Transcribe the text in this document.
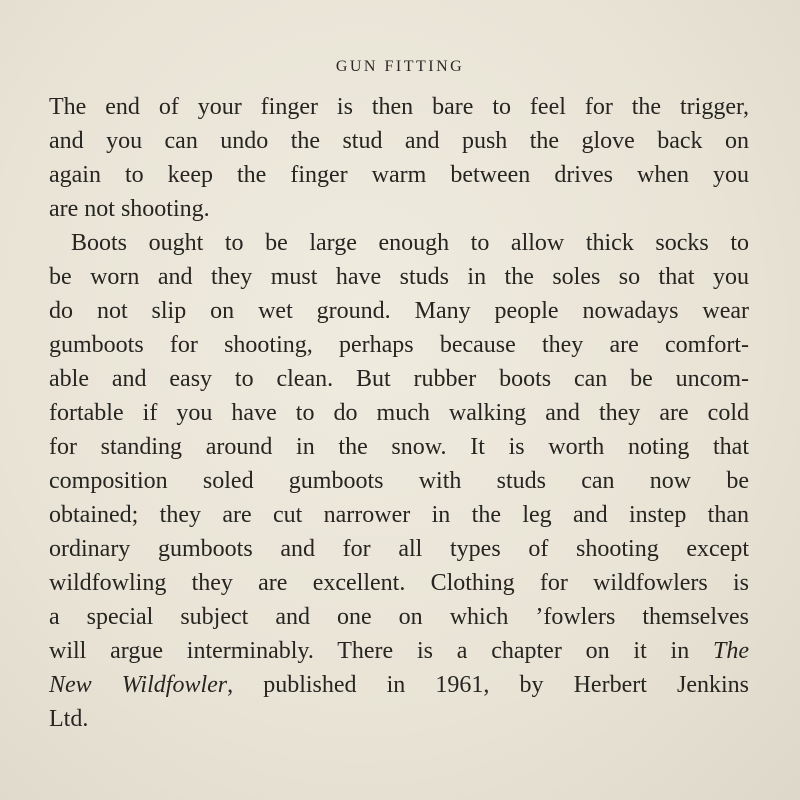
GUN FITTING
The end of your finger is then bare to feel for the trigger,
and you can undo the stud and push the glove back on
again to keep the finger warm between drives when you
are not shooting.
Boots ought to be large enough to allow thick socks to
be worn and they must have studs in the soles so that you
do not slip on wet ground. Many people nowadays wear
gumboots for shooting, perhaps because they are comfort-
able and easy to clean. But rubber boots can be uncom-
fortable if you have to do much walking and they are cold
for standing around in the snow. It is worth noting that
composition soled gumboots with studs can now be
obtained; they are cut narrower in the leg and instep than
ordinary gumboots and for all types of shooting except
wildfowling they are excellent. Clothing for wildfowlers is
a special subject and one on which ’fowlers themselves
will argue interminably. There is a chapter on it in The
New Wildfowler, published in 1961, by Herbert Jenkins
Ltd.
